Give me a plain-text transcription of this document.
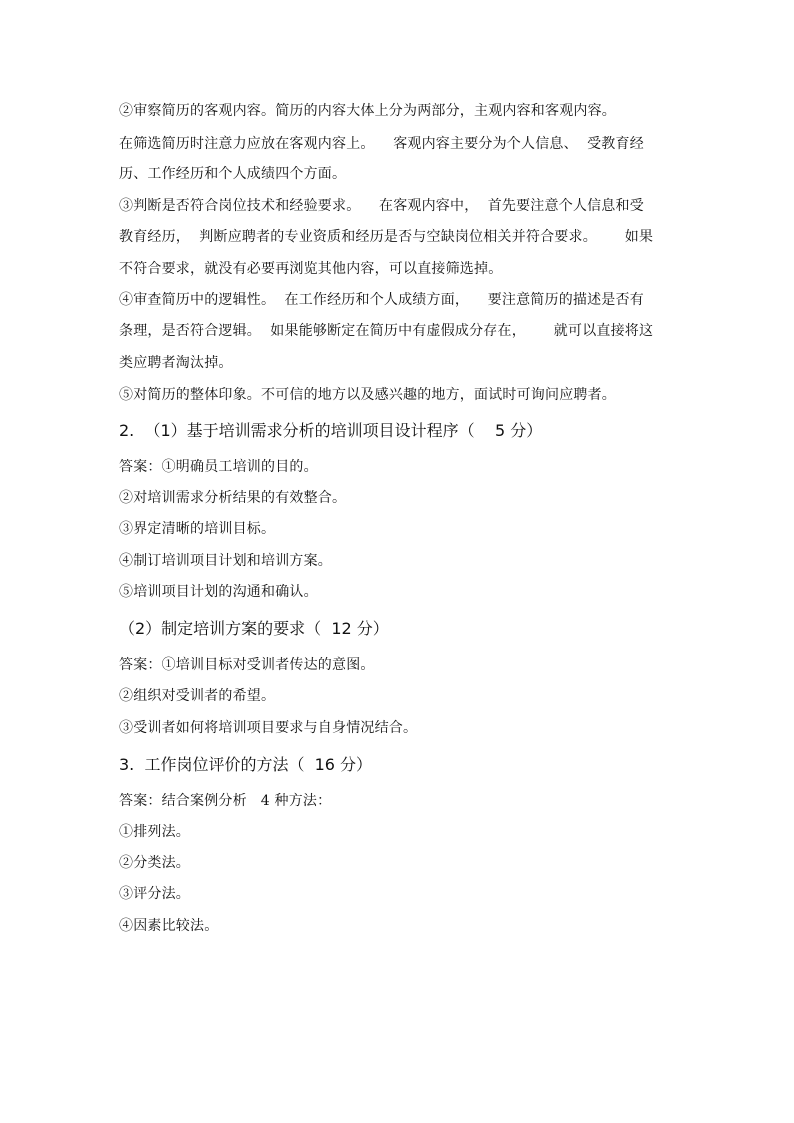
②审察简历的客观内容。简历的内容大体上分为两部分，主观内容和客观内容。
在筛选简历时注意力应放在客观内容上。    客观内容主要分为个人信息、  受教育经
历、工作经历和个人成绩四个方面。
③判断是否符合岗位技术和经验要求。    在客观内容中，  首先要注意个人信息和受
教育经历，  判断应聘者的专业资质和经历是否与空缺岗位相关并符合要求。      如果
不符合要求，就没有必要再浏览其他内容，可以直接筛选掉。
④审查简历中的逻辑性。  在工作经历和个人成绩方面，    要注意简历的描述是否有
条理，是否符合逻辑。  如果能够断定在简历中有虚假成分存在，      就可以直接将这
类应聘者淘汰掉。
⑤对简历的整体印象。不可信的地方以及感兴趣的地方，面试时可询问应聘者。
2.  （1）基于培训需求分析的培训项目设计程序（    5 分）
答案：①明确员工培训的目的。
②对培训需求分析结果的有效整合。
③界定清晰的培训目标。
④制订培训项目计划和培训方案。
⑤培训项目计划的沟通和确认。
（2）制定培训方案的要求（  12 分）
答案：①培训目标对受训者传达的意图。
②组织对受训者的希望。
③受训者如何将培训项目要求与自身情况结合。
3.  工作岗位评价的方法（  16 分）
答案：结合案例分析   4 种方法：
①排列法。
②分类法。
③评分法。
④因素比较法。
